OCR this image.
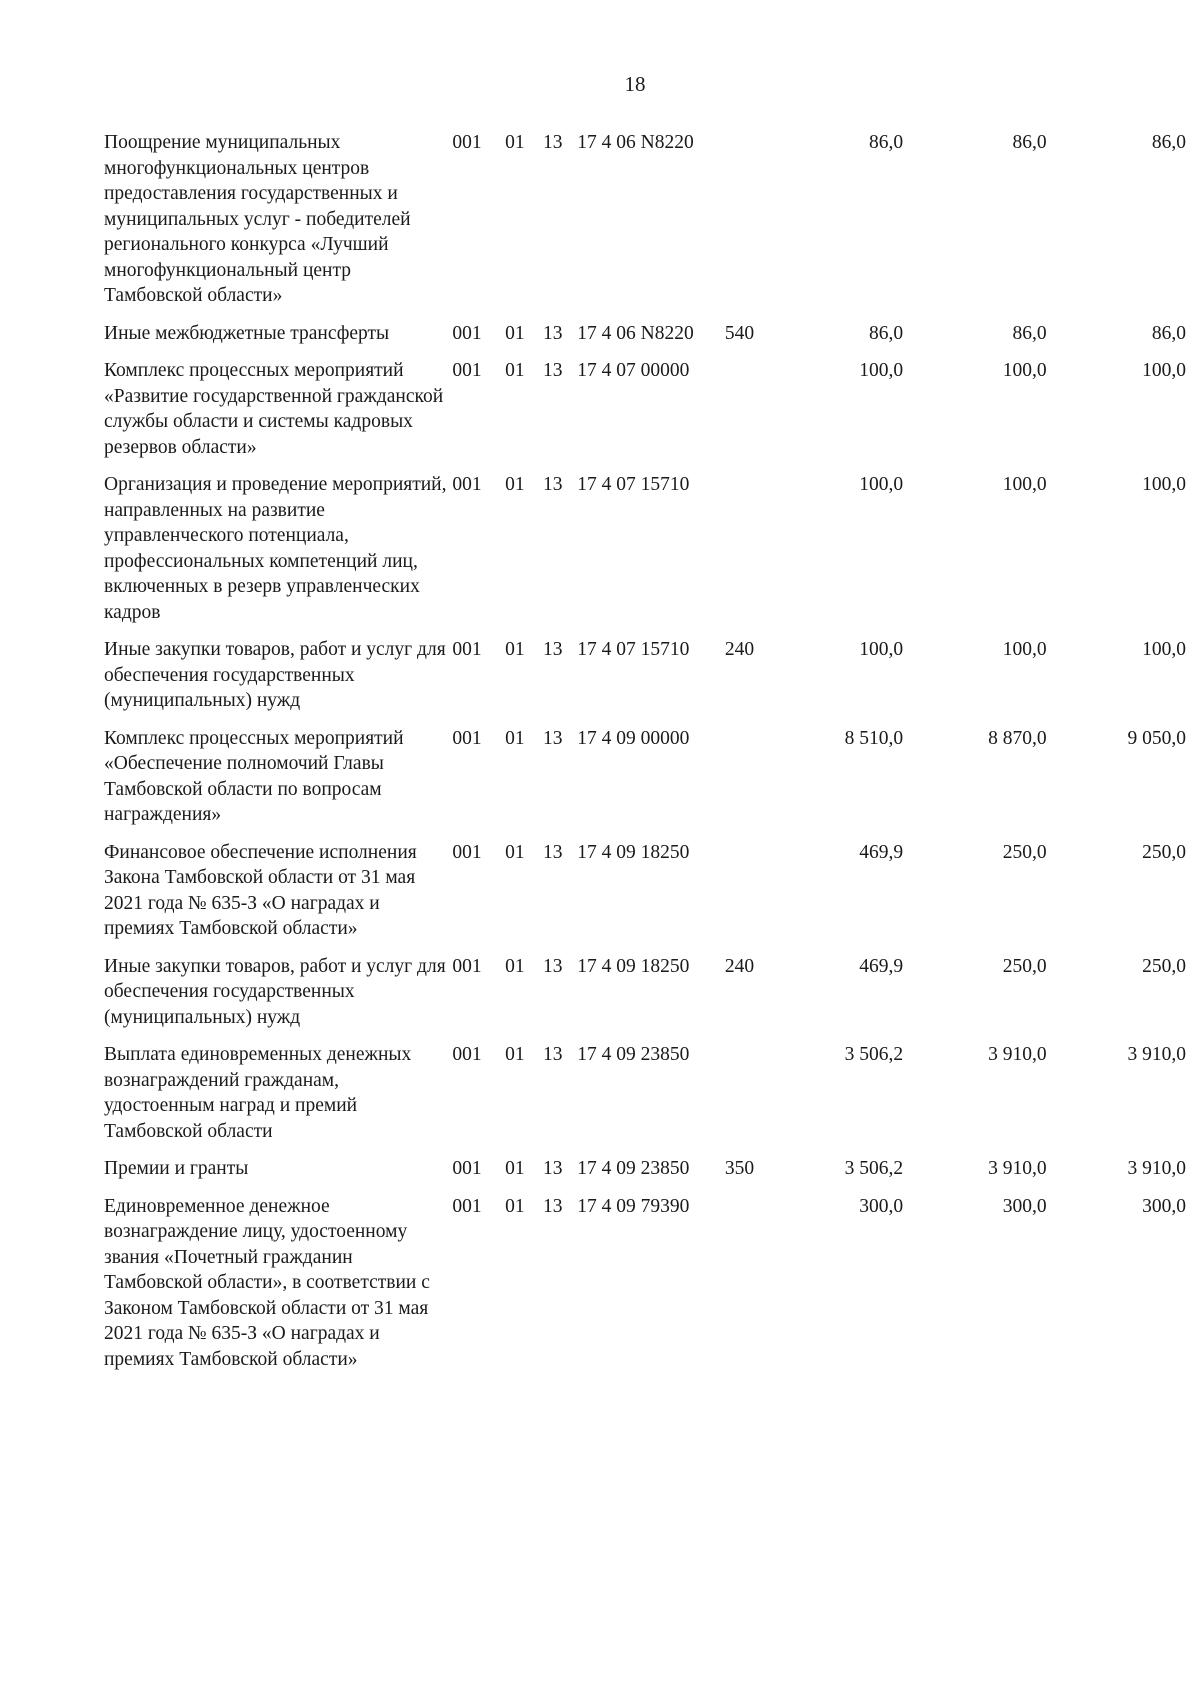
18
Поощрение муниципальных многофункциональных центров предоставления государственных и муниципальных услуг - победителей регионального конкурса «Лучший многофункциональный центр Тамбовской области»	001	01	13	17 4 06 N8220		86,0	86,0	86,0
Иные межбюджетные трансферты	001	01	13	17 4 06 N8220	540	86,0	86,0	86,0
Комплекс процессных мероприятий «Развитие государственной гражданской службы области и системы кадровых резервов области»	001	01	13	17 4 07 00000		100,0	100,0	100,0
Организация и проведение мероприятий, направленных на развитие управленческого потенциала, профессиональных компетенций лиц, включенных в резерв управленческих кадров	001	01	13	17 4 07 15710		100,0	100,0	100,0
Иные закупки товаров, работ и услуг для обеспечения государственных (муниципальных) нужд	001	01	13	17 4 07 15710	240	100,0	100,0	100,0
Комплекс процессных мероприятий «Обеспечение полномочий Главы Тамбовской области по вопросам награждения»	001	01	13	17 4 09 00000		8 510,0	8 870,0	9 050,0
Финансовое обеспечение исполнения Закона Тамбовской области от 31 мая 2021 года № 635-З «О наградах и премиях Тамбовской области»	001	01	13	17 4 09 18250		469,9	250,0	250,0
Иные закупки товаров, работ и услуг для обеспечения государственных (муниципальных) нужд	001	01	13	17 4 09 18250	240	469,9	250,0	250,0
Выплата единовременных денежных вознаграждений гражданам, удостоенным наград и премий Тамбовской области	001	01	13	17 4 09 23850		3 506,2	3 910,0	3 910,0
Премии и гранты	001	01	13	17 4 09 23850	350	3 506,2	3 910,0	3 910,0
Единовременное денежное вознаграждение лицу, удостоенному звания «Почетный гражданин Тамбовской области», в соответствии с Законом Тамбовской области от 31 мая 2021 года № 635-З «О наградах и премиях Тамбовской области»	001	01	13	17 4 09 79390		300,0	300,0	300,0
